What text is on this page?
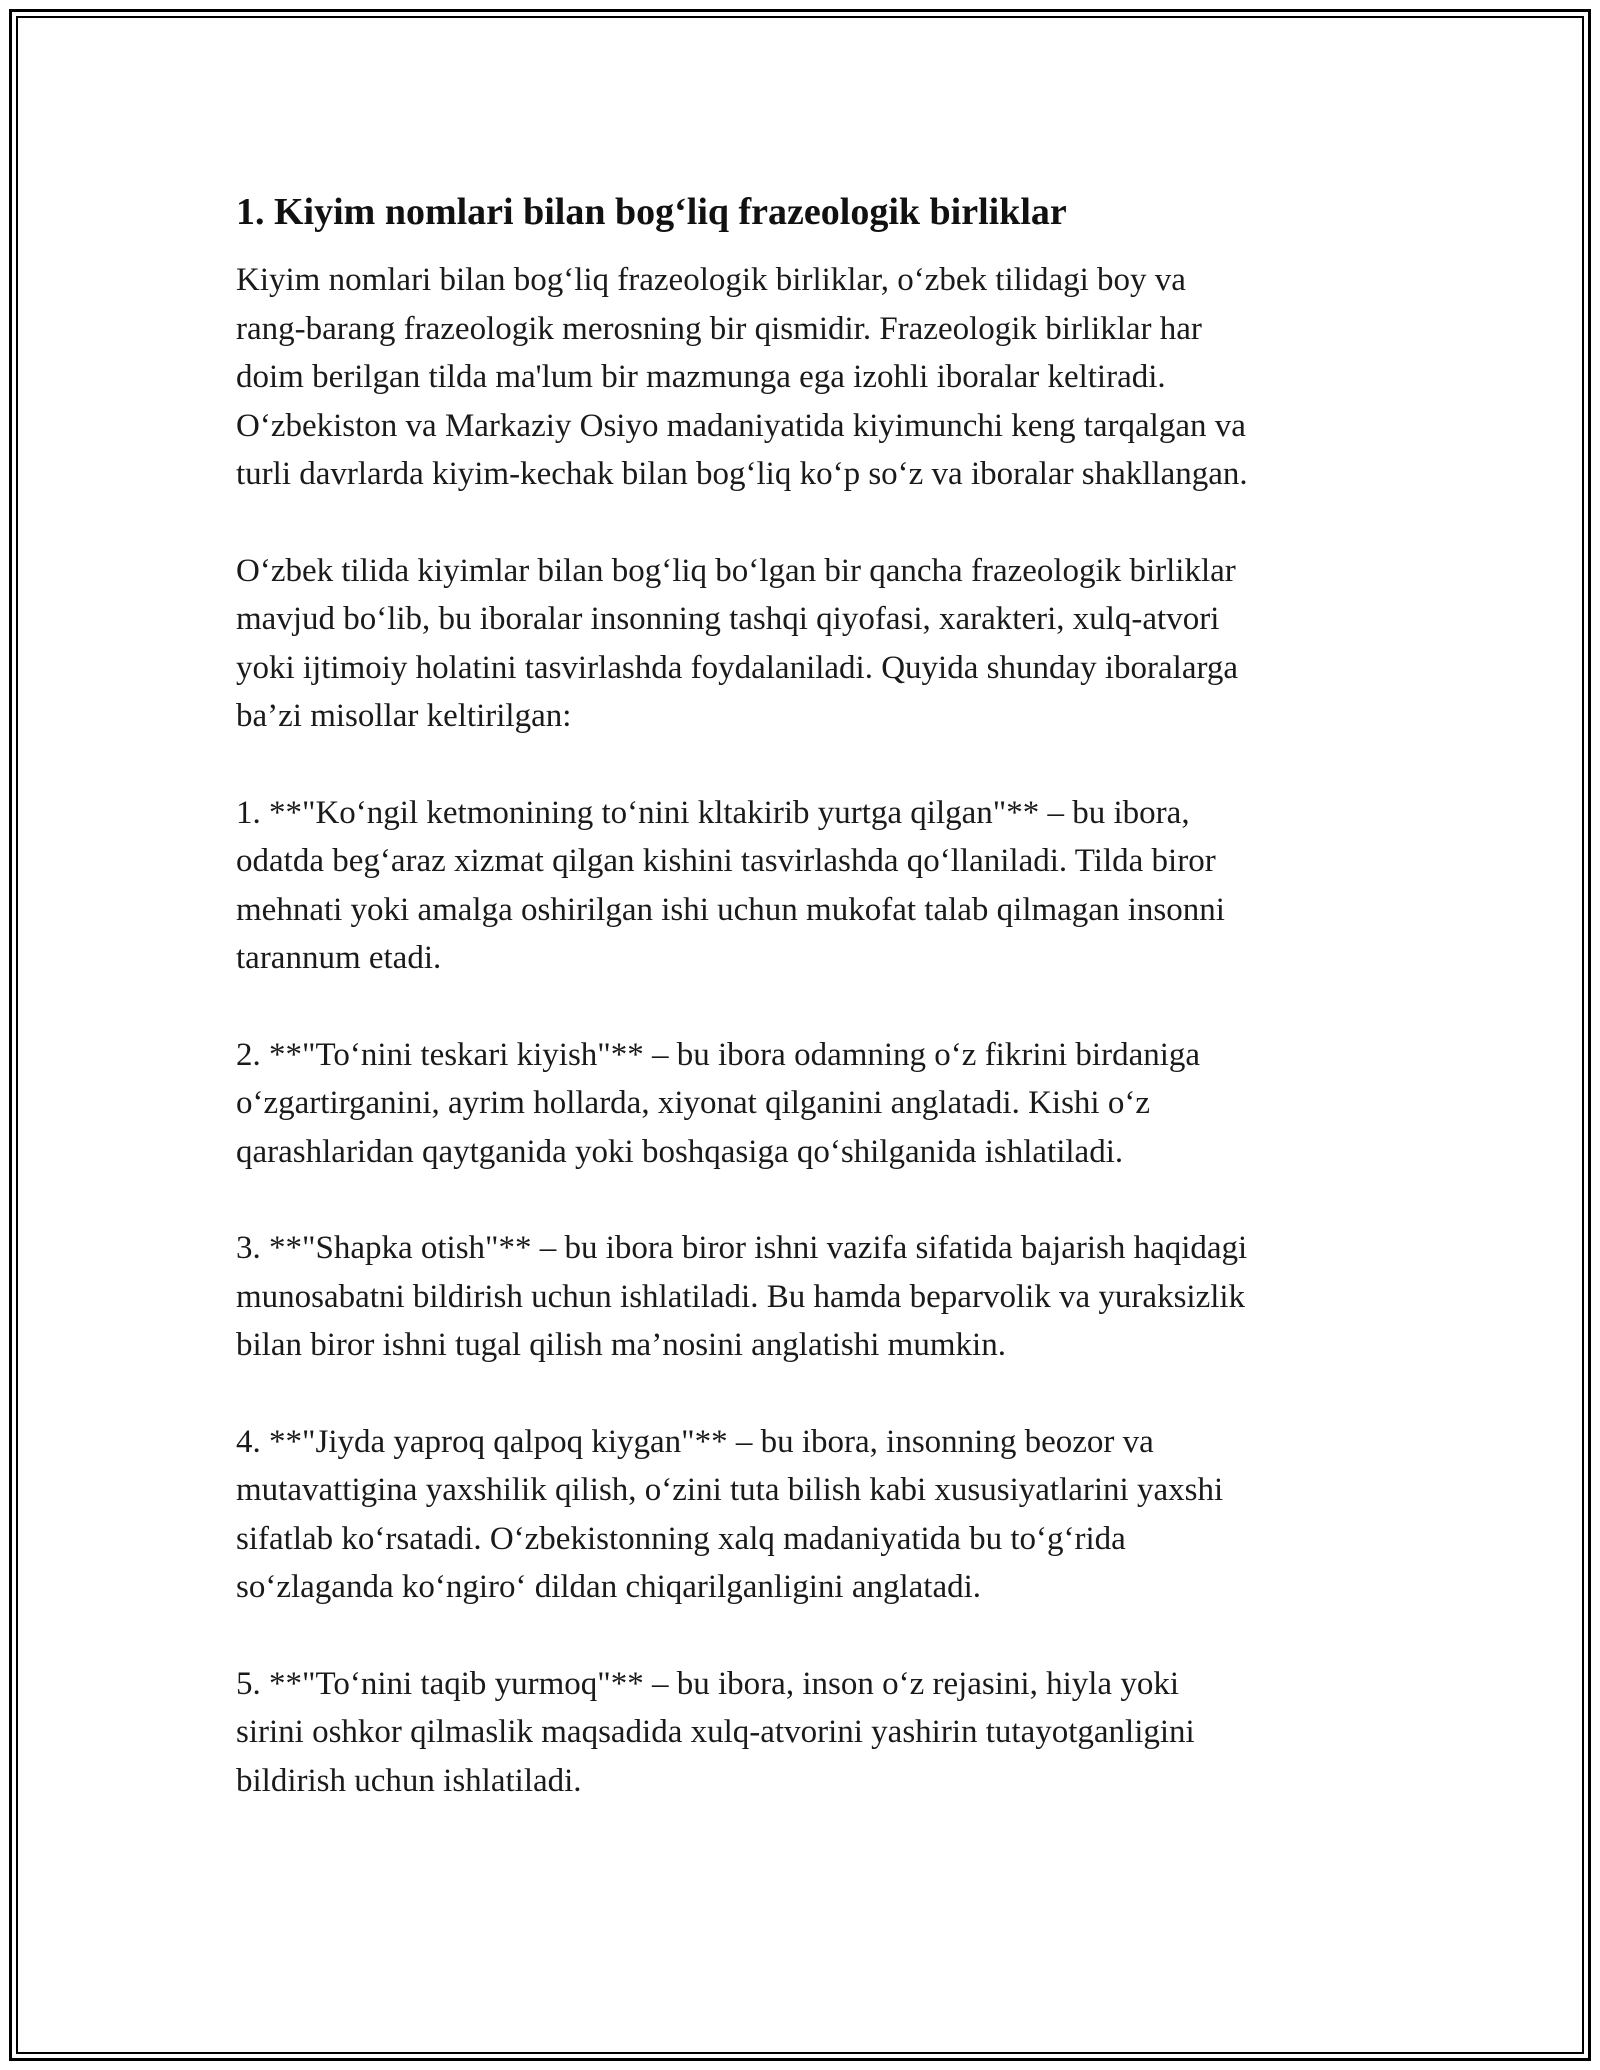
1. Kiyim nomlari bilan bog‘liq frazeologik birliklar

Kiyim nomlari bilan bog‘liq frazeologik birliklar, o‘zbek tilidagi boy va
rang-barang frazeologik merosning bir qismidir. Frazeologik birliklar har
doim berilgan tilda ma'lum bir mazmunga ega izohli iboralar keltiradi.
O‘zbekiston va Markaziy Osiyo madaniyatida kiyimunchi keng tarqalgan va
turli davrlarda kiyim-kechak bilan bog‘liq ko‘p so‘z va iboralar shakllangan.

O‘zbek tilida kiyimlar bilan bog‘liq bo‘lgan bir qancha frazeologik birliklar
mavjud bo‘lib, bu iboralar insonning tashqi qiyofasi, xarakteri, xulq-atvori
yoki ijtimoiy holatini tasvirlashda foydalaniladi. Quyida shunday iboralarga
ba’zi misollar keltirilgan:

1. **"Ko‘ngil ketmonining to‘nini kltakirib yurtga qilgan"** – bu ibora,
odatda beg‘araz xizmat qilgan kishini tasvirlashda qo‘llaniladi. Tilda biror
mehnati yoki amalga oshirilgan ishi uchun mukofat talab qilmagan insonni
tarannum etadi.

2. **"To‘nini teskari kiyish"** – bu ibora odamning o‘z fikrini birdaniga
o‘zgartirganini, ayrim hollarda, xiyonat qilganini anglatadi. Kishi o‘z
qarashlaridan qaytganida yoki boshqasiga qo‘shilganida ishlatiladi.

3. **"Shapka otish"** – bu ibora biror ishni vazifa sifatida bajarish haqidagi
munosabatni bildirish uchun ishlatiladi. Bu hamda beparvolik va yuraksizlik
bilan biror ishni tugal qilish ma’nosini anglatishi mumkin.

4. **"Jiyda yaproq qalpoq kiygan"** – bu ibora, insonning beozor va
mutavattigina yaxshilik qilish, o‘zini tuta bilish kabi xususiyatlarini yaxshi
sifatlab ko‘rsatadi. O‘zbekistonning xalq madaniyatida bu to‘g‘rida
so‘zlaganda ko‘ngiro‘ dildan chiqarilganligini anglatadi.

5. **"To‘nini taqib yurmoq"** – bu ibora, inson o‘z rejasini, hiyla yoki
sirini oshkor qilmaslik maqsadida xulq-atvorini yashirin tutayotganligini
bildirish uchun ishlatiladi.
